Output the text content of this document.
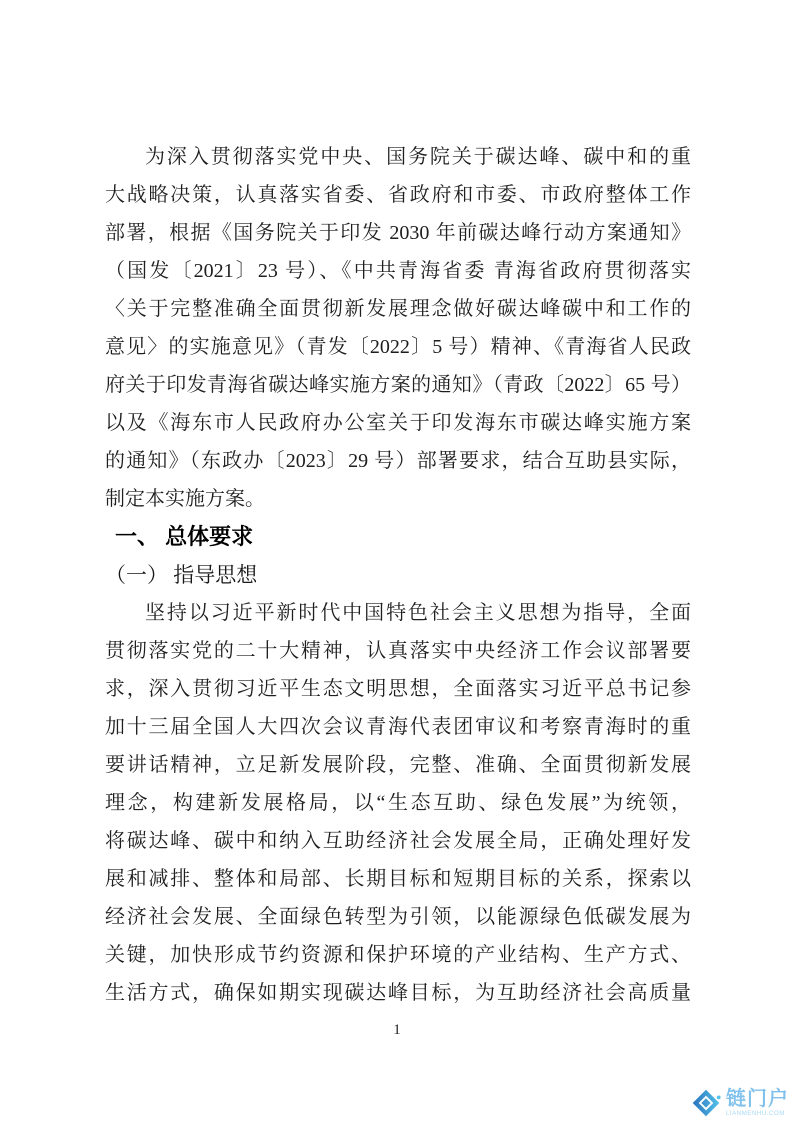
为深入贯彻落实党中央、国务院关于碳达峰、碳中和的重
大战略决策，认真落实省委、省政府和市委、市政府整体工作
部署，根据《国务院关于印发 2030 年前碳达峰行动方案通知》
（国发〔2021〕23 号）、《中共青海省委 青海省政府贯彻落实
〈关于完整准确全面贯彻新发展理念做好碳达峰碳中和工作的
意见〉的实施意见》（青发〔2022〕5 号）精神、《青海省人民政
府关于印发青海省碳达峰实施方案的通知》（青政〔2022〕65 号）
以及《海东市人民政府办公室关于印发海东市碳达峰实施方案
的通知》（东政办〔2023〕29 号）部署要求，结合互助县实际，
制定本实施方案。
一、 总体要求
（一） 指导思想
坚持以习近平新时代中国特色社会主义思想为指导，全面
贯彻落实党的二十大精神，认真落实中央经济工作会议部署要
求，深入贯彻习近平生态文明思想，全面落实习近平总书记参
加十三届全国人大四次会议青海代表团审议和考察青海时的重
要讲话精神，立足新发展阶段，完整、准确、全面贯彻新发展
理念，构建新发展格局，以“生态互助、绿色发展”为统领，
将碳达峰、碳中和纳入互助经济社会发展全局，正确处理好发
展和减排、整体和局部、长期目标和短期目标的关系，探索以
经济社会发展、全面绿色转型为引领，以能源绿色低碳发展为
关键，加快形成节约资源和保护环境的产业结构、生产方式、
生活方式，确保如期实现碳达峰目标，为互助经济社会高质量
1
链门户
LIANMENHU.COM
